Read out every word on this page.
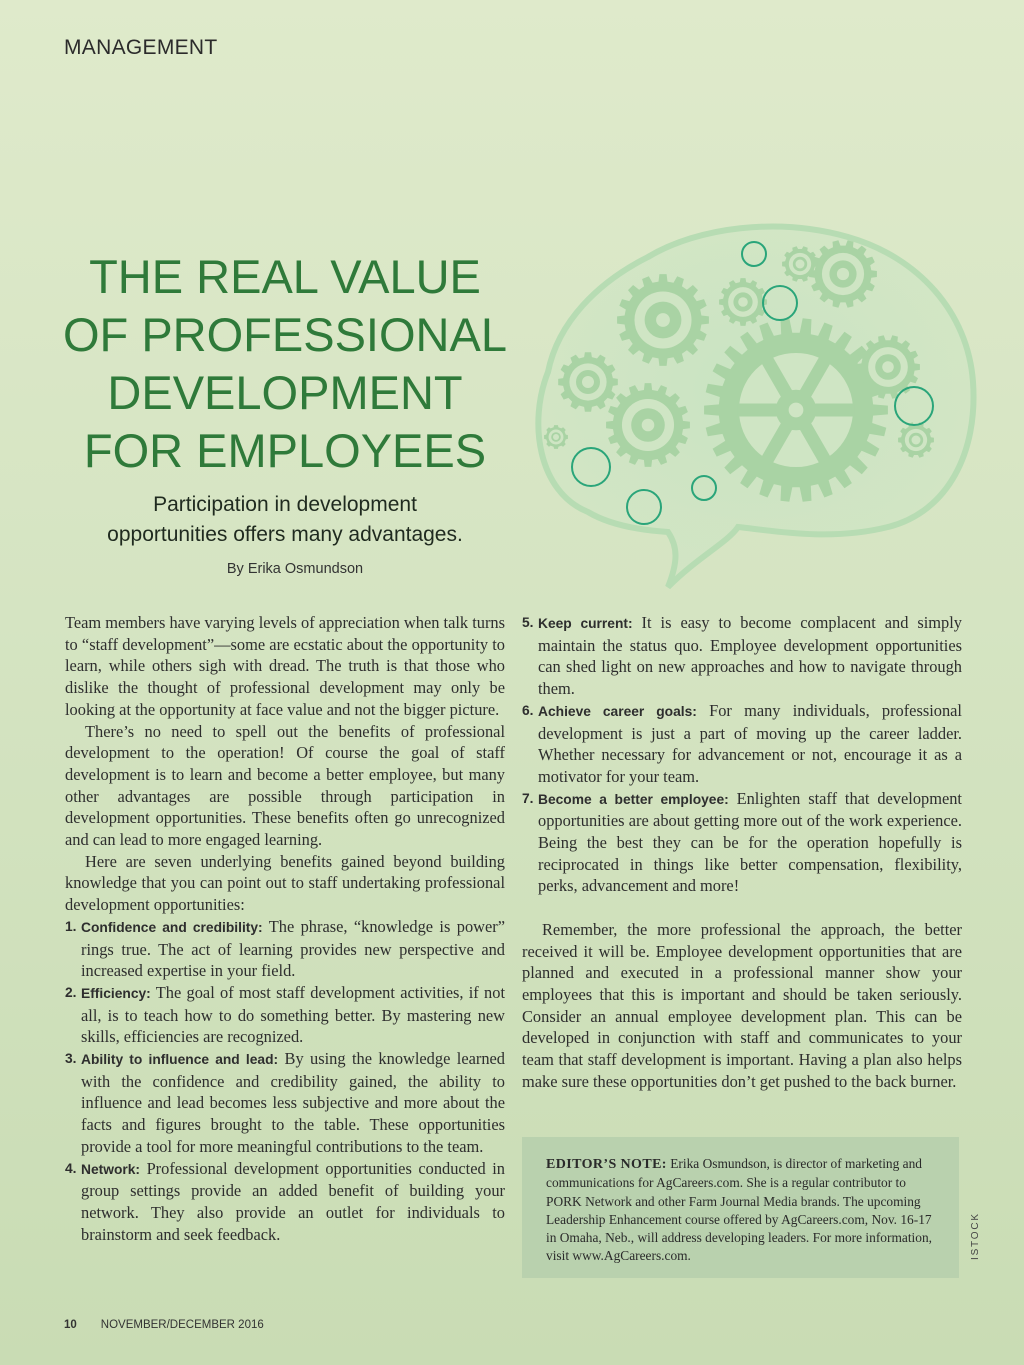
MANAGEMENT
THE REAL VALUE
OF PROFESSIONAL
DEVELOPMENT
FOR EMPLOYEES
Participation in development
opportunities offers many advantages.
By Erika Osmundson

Team members have varying levels of appreciation when talk turns to “staff development”—some are ecstatic about the opportunity to learn, while others sigh with dread. The truth is that those who dislike the thought of professional development may only be looking at the opportunity at face value and not the bigger picture.

There’s no need to spell out the benefits of professional development to the operation! Of course the goal of staff development is to learn and become a better employee, but many other advantages are possible through participation in development opportunities. These benefits often go unrecognized and can lead to more engaged learning.

Here are seven underlying benefits gained beyond building knowledge that you can point out to staff undertaking professional development opportunities:

1. Confidence and credibility: The phrase, “knowledge is power” rings true. The act of learning provides new perspective and increased expertise in your field.
2. Efficiency: The goal of most staff development activities, if not all, is to teach how to do something better. By mastering new skills, efficiencies are recognized.
3. Ability to influence and lead: By using the knowledge learned with the confidence and credibility gained, the ability to influence and lead becomes less subjective and more about the facts and figures brought to the table. These opportunities provide a tool for more meaningful contributions to the team.
4. Network: Professional development opportunities conducted in group settings provide an added benefit of building your network. They also provide an outlet for individuals to brainstorm and seek feedback.
5. Keep current: It is easy to become complacent and simply maintain the status quo. Employee development opportunities can shed light on new approaches and how to navigate through them.
6. Achieve career goals: For many individuals, professional development is just a part of moving up the career ladder. Whether necessary for advancement or not, encourage it as a motivator for your team.
7. Become a better employee: Enlighten staff that development opportunities are about getting more out of the work experience. Being the best they can be for the operation hopefully is reciprocated in things like better compensation, flexibility, perks, advancement and more!

Remember, the more professional the approach, the better received it will be. Employee development opportunities that are planned and executed in a professional manner show your employees that this is important and should be taken seriously. Consider an annual employee development plan. This can be developed in conjunction with staff and communicates to your team that staff development is important. Having a plan also helps make sure these opportunities don’t get pushed to the back burner.

EDITOR’S NOTE: Erika Osmundson, is director of marketing and communications for AgCareers.com. She is a regular contributor to PORK Network and other Farm Journal Media brands. The upcoming Leadership Enhancement course offered by AgCareers.com, Nov. 16-17 in Omaha, Neb., will address developing leaders. For more information, visit www.AgCareers.com.	ISTOCK
10 NOVEMBER/DECEMBER 2016
